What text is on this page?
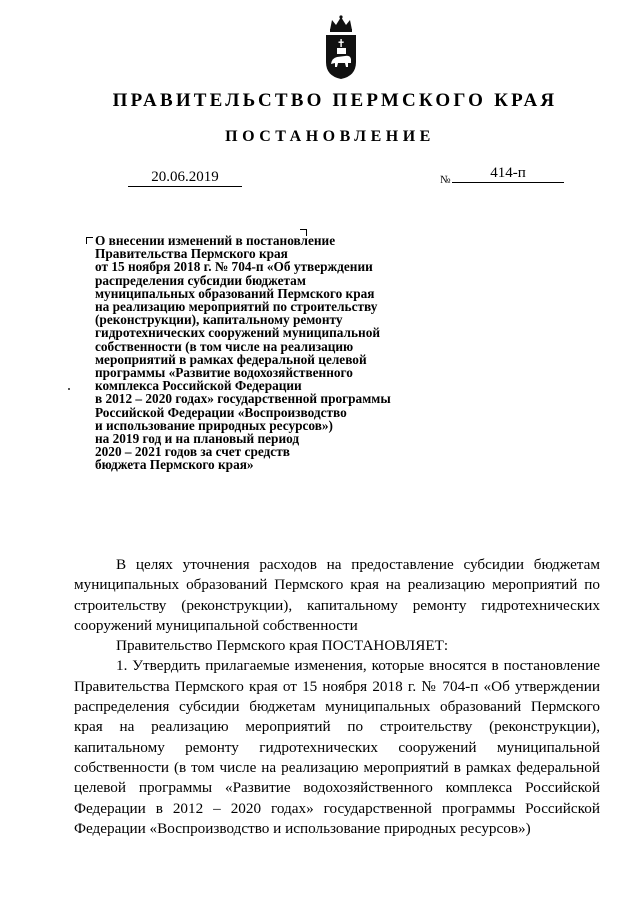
ПРАВИТЕЛЬСТВО ПЕРМСКОГО КРАЯ
ПОСТАНОВЛЕНИЕ
20.06.2019	№	414-п
О внесении изменений в постановление
Правительства Пермского края
от 15 ноября 2018 г. № 704-п «Об утверждении
распределения субсидии бюджетам
муниципальных образований Пермского края
на реализацию мероприятий по строительству
(реконструкции), капитальному ремонту
гидротехнических сооружений муниципальной
собственности (в том числе на реализацию
мероприятий в рамках федеральной целевой
программы «Развитие водохозяйственного
комплекса Российской Федерации
в 2012 – 2020 годах» государственной программы
Российской Федерации «Воспроизводство
и использование природных ресурсов»)
на 2019 год и на плановый период
2020 – 2021 годов за счет средств
бюджета Пермского края»

В целях уточнения расходов на предоставление субсидии бюджетам муниципальных образований Пермского края на реализацию мероприятий по строительству (реконструкции), капитальному ремонту гидротехнических сооружений муниципальной собственности

Правительство Пермского края ПОСТАНОВЛЯЕТ:

1. Утвердить прилагаемые изменения, которые вносятся в постановление Правительства Пермского края от 15 ноября 2018 г. № 704-п «Об утверждении распределения субсидии бюджетам муниципальных образований Пермского края на реализацию мероприятий по строительству (реконструкции), капитальному ремонту гидротехнических сооружений муниципальной собственности (в том числе на реализацию мероприятий в рамках федеральной целевой программы «Развитие водохозяйственного комплекса Российской Федерации в 2012 – 2020 годах» государственной программы Российской Федерации «Воспроизводство и использование природных ресурсов»)
